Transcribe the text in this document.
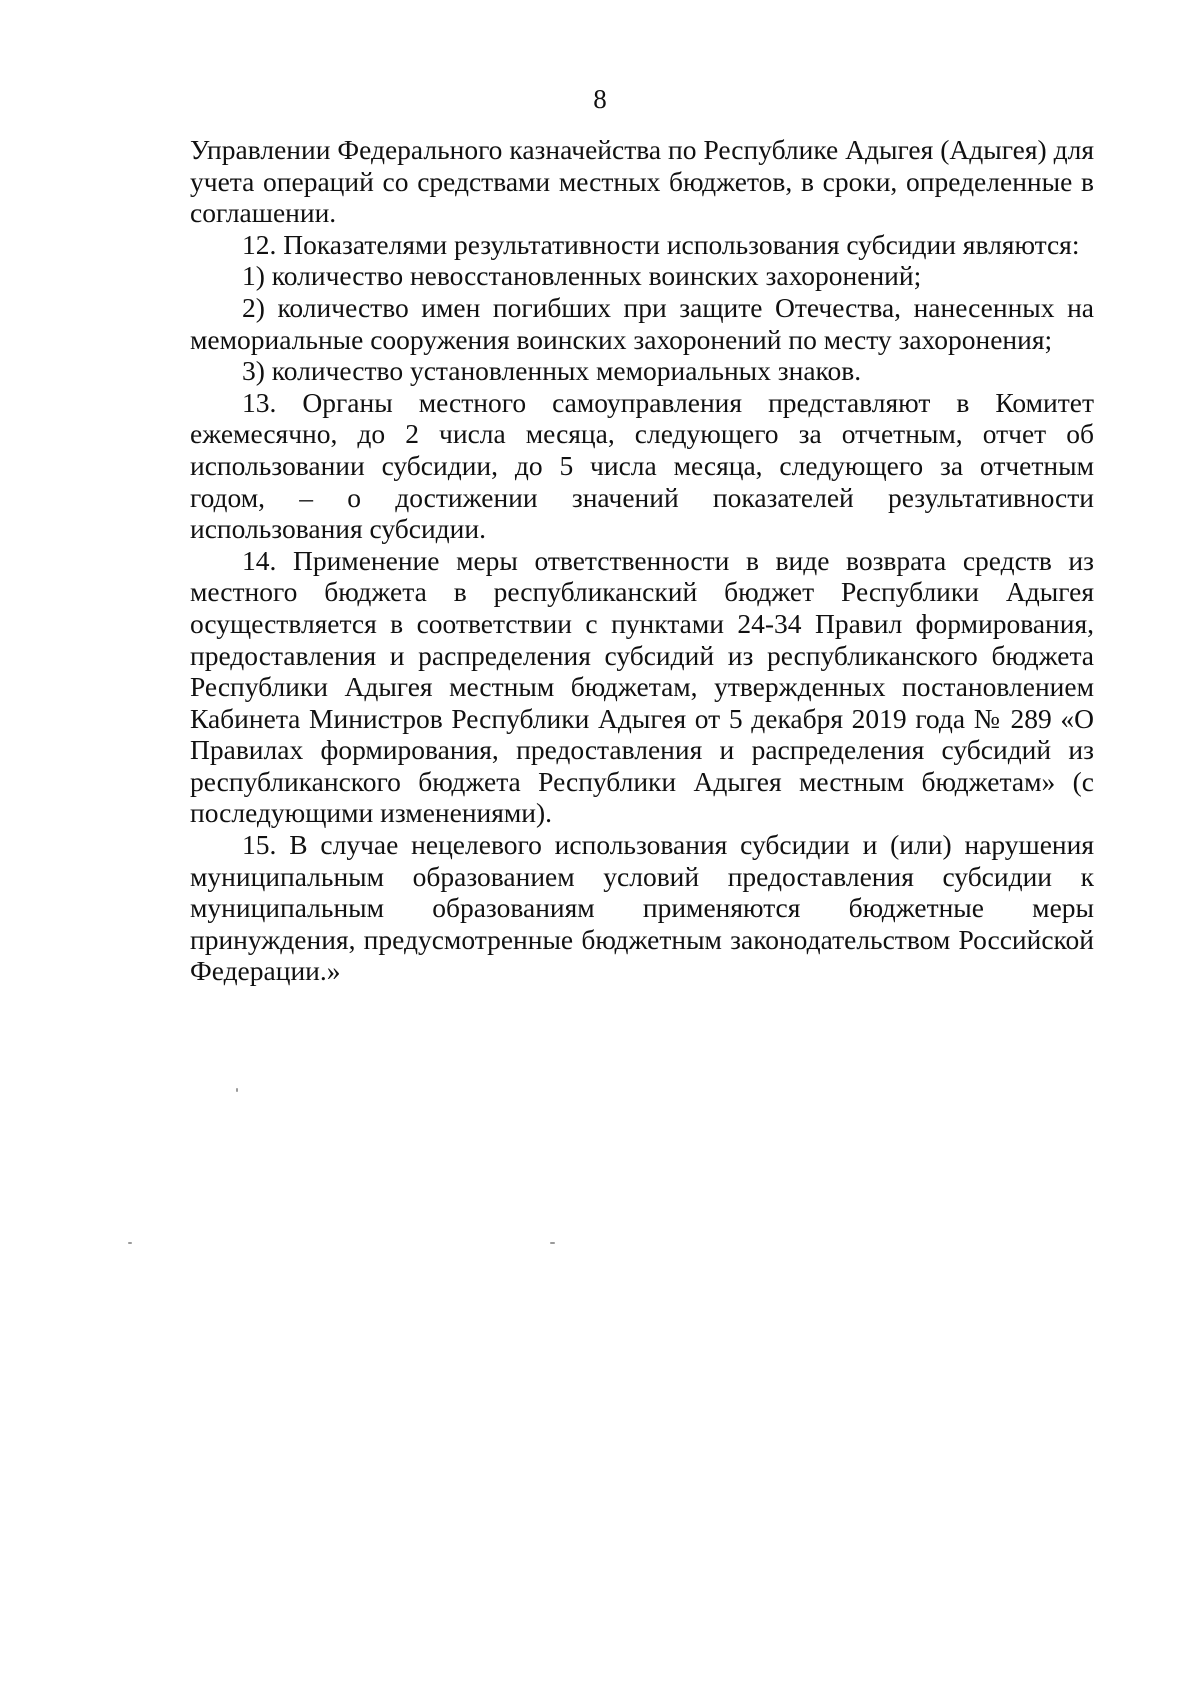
8

Управлении Федерального казначейства по Республике Адыгея (Адыгея) для учета операций со средствами местных бюджетов, в сроки, определенные в соглашении.

12. Показателями результативности использования субсидии являются:

1) количество невосстановленных воинских захоронений;

2) количество имен погибших при защите Отечества, нанесенных на мемориальные сооружения воинских захоронений по месту захоронения;

3) количество установленных мемориальных знаков.

13. Органы местного самоуправления представляют в Комитет ежемесячно, до 2 числа месяца, следующего за отчетным, отчет об использовании субсидии, до 5 числа месяца, следующего за отчетным годом, – о достижении значений показателей результативности использования субсидии.

14. Применение меры ответственности в виде возврата средств из местного бюджета в республиканский бюджет Республики Адыгея осуществляется в соответствии с пунктами 24-34 Правил формирования, предоставления и распределения субсидий из республиканского бюджета Республики Адыгея местным бюджетам, утвержденных постановлением Кабинета Министров Республики Адыгея от 5 декабря 2019 года № 289 «О Правилах формирования, предоставления и распределения субсидий из республиканского бюджета Республики Адыгея местным бюджетам» (с последующими изменениями).

15. В случае нецелевого использования субсидии и (или) нарушения муниципальным образованием условий предоставления субсидии к муниципальным образованиям применяются бюджетные меры принуждения, предусмотренные бюджетным законодательством Российской Федерации.»
